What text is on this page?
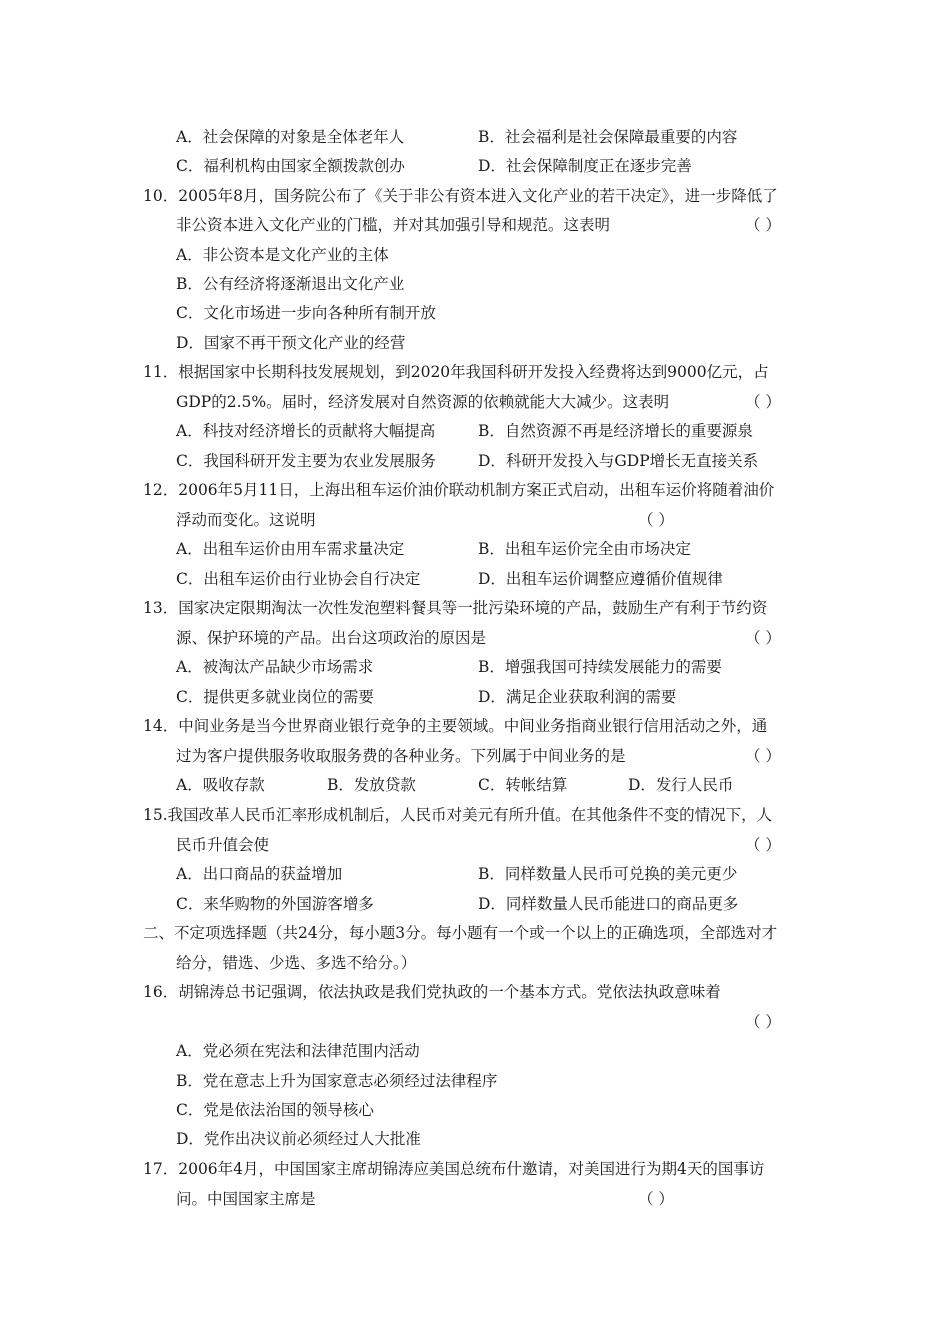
A．社会保障的对象是全体老年人	B．社会福利是社会保障最重要的内容
C．福利机构由国家全额拨款创办	D．社会保障制度正在逐步完善
10．2005年8月，国务院公布了《关于非公有资本进入文化产业的若干决定》，进一步降低了
非公资本进入文化产业的门槛，并对其加强引导和规范。这表明	（ ）
A．非公资本是文化产业的主体
B．公有经济将逐渐退出文化产业
C．文化市场进一步向各种所有制开放
D．国家不再干预文化产业的经营
11．根据国家中长期科技发展规划，到2020年我国科研开发投入经费将达到9000亿元，占
GDP的2.5%。届时，经济发展对自然资源的依赖就能大大减少。这表明	（ ）
A．科技对经济增长的贡献将大幅提高	B．自然资源不再是经济增长的重要源泉
C．我国科研开发主要为农业发展服务	D．科研开发投入与GDP增长无直接关系
12．2006年5月11日，上海出租车运价油价联动机制方案正式启动，出租车运价将随着油价
浮动而变化。这说明	（ ）
A．出租车运价由用车需求量决定	B．出租车运价完全由市场决定
C．出租车运价由行业协会自行决定	D．出租车运价调整应遵循价值规律
13．国家决定限期淘汰一次性发泡塑料餐具等一批污染环境的产品，鼓励生产有利于节约资
源、保护环境的产品。出台这项政治的原因是	（ ）
A．被淘汰产品缺少市场需求	B．增强我国可持续发展能力的需要
C．提供更多就业岗位的需要	D．满足企业获取利润的需要
14．中间业务是当今世界商业银行竞争的主要领域。中间业务指商业银行信用活动之外，通
过为客户提供服务收取服务费的各种业务。下列属于中间业务的是	（ ）
A．吸收存款	B．发放贷款	C．转帐结算	D．发行人民币
15.我国改革人民币汇率形成机制后，人民币对美元有所升值。在其他条件不变的情况下，人
民币升值会使	（ ）
A．出口商品的获益增加	B．同样数量人民币可兑换的美元更少
C．来华购物的外国游客增多	D．同样数量人民币能进口的商品更多
二、不定项选择题（共24分，每小题3分。每小题有一个或一个以上的正确选项，全部选对才
给分，错选、少选、多选不给分。）
16．胡锦涛总书记强调，依法执政是我们党执政的一个基本方式。党依法执政意味着
（ ）
A．党必须在宪法和法律范围内活动
B．党在意志上升为国家意志必须经过法律程序
C．党是依法治国的领导核心
D．党作出决议前必须经过人大批准
17．2006年4月，中国国家主席胡锦涛应美国总统布什邀请，对美国进行为期4天的国事访
问。中国国家主席是	（ ）
